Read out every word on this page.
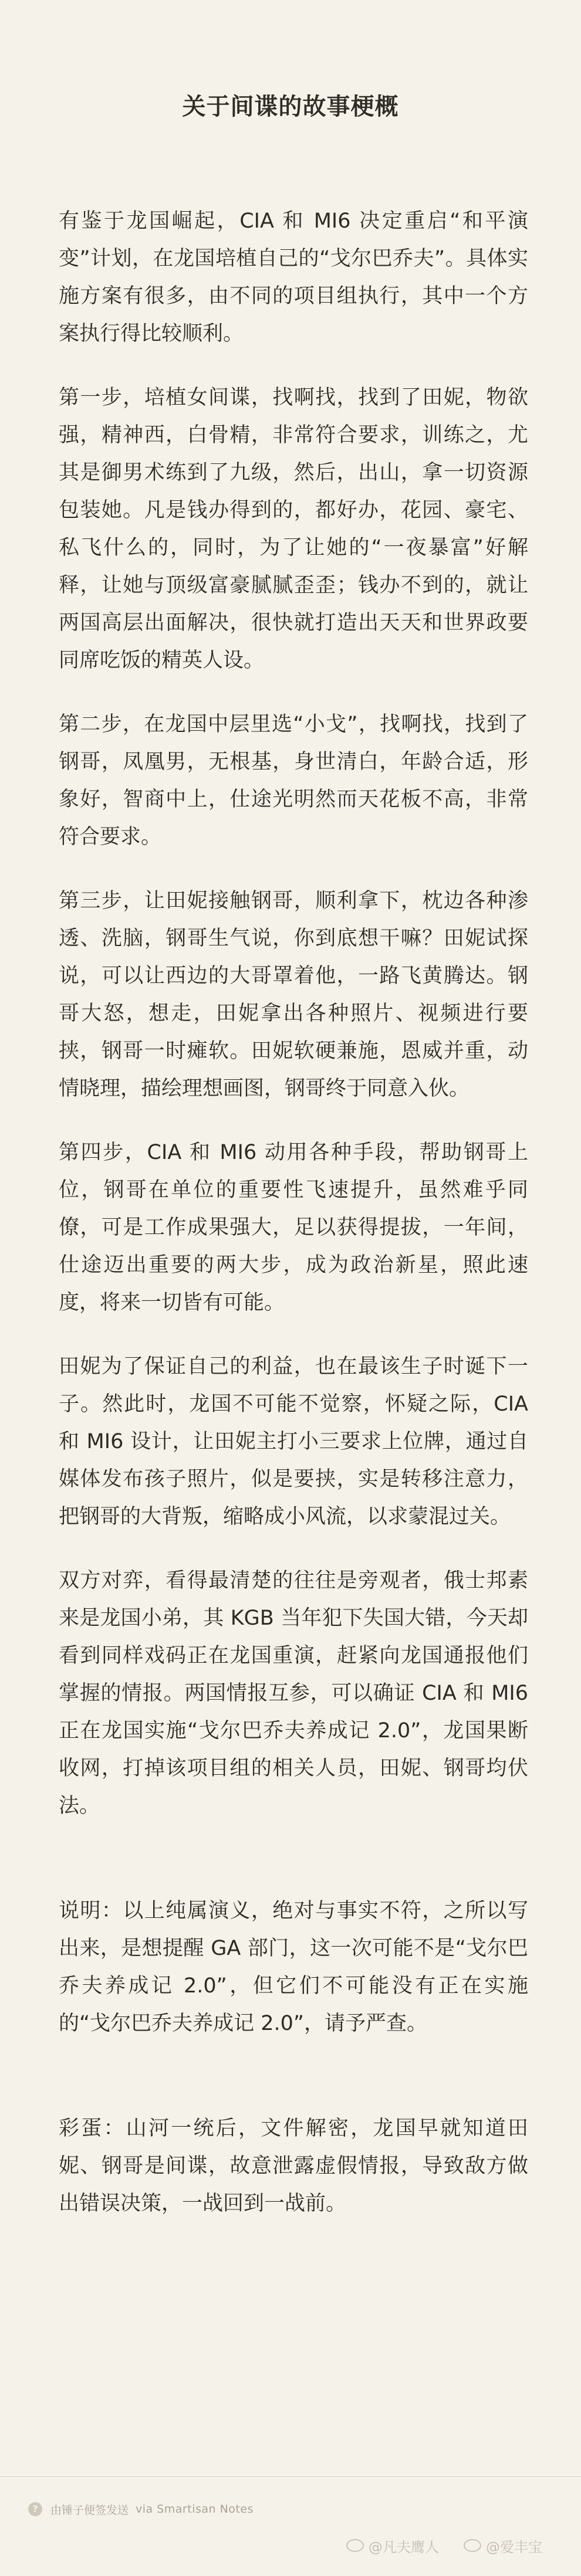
关于间谍的故事梗概

有鉴于龙国崛起，CIA 和 MI6 决定重启“和平演变”计划，在龙国培植自己的“戈尔巴乔夫”。具体实施方案有很多，由不同的项目组执行，其中一个方案执行得比较顺利。

第一步，培植女间谍，找啊找，找到了田妮，物欲强，精神西，白骨精，非常符合要求，训练之，尤其是御男术练到了九级，然后，出山，拿一切资源包装她。凡是钱办得到的，都好办，花园、豪宅、私飞什么的，同时，为了让她的“一夜暴富”好解释，让她与顶级富豪腻腻歪歪；钱办不到的，就让两国高层出面解决，很快就打造出天天和世界政要同席吃饭的精英人设。

第二步，在龙国中层里选“小戈”，找啊找，找到了钢哥，凤凰男，无根基，身世清白，年龄合适，形象好，智商中上，仕途光明然而天花板不高，非常符合要求。

第三步，让田妮接触钢哥，顺利拿下，枕边各种渗透、洗脑，钢哥生气说，你到底想干嘛？田妮试探说，可以让西边的大哥罩着他，一路飞黄腾达。钢哥大怒，想走，田妮拿出各种照片、视频进行要挟，钢哥一时瘫软。田妮软硬兼施，恩威并重，动情晓理，描绘理想画图，钢哥终于同意入伙。

第四步，CIA 和 MI6 动用各种手段，帮助钢哥上位，钢哥在单位的重要性飞速提升，虽然难乎同僚，可是工作成果强大，足以获得提拔，一年间，仕途迈出重要的两大步，成为政治新星，照此速度，将来一切皆有可能。

田妮为了保证自己的利益，也在最该生子时诞下一子。然此时，龙国不可能不觉察，怀疑之际，CIA 和 MI6 设计，让田妮主打小三要求上位牌，通过自媒体发布孩子照片，似是要挟，实是转移注意力，把钢哥的大背叛，缩略成小风流，以求蒙混过关。

双方对弈，看得最清楚的往往是旁观者，俄士邦素来是龙国小弟，其 KGB 当年犯下失国大错，今天却看到同样戏码正在龙国重演，赶紧向龙国通报他们掌握的情报。两国情报互参，可以确证 CIA 和 MI6 正在龙国实施“戈尔巴乔夫养成记 2.0”，龙国果断收网，打掉该项目组的相关人员，田妮、钢哥均伏法。

说明：以上纯属演义，绝对与事实不符，之所以写出来，是想提醒 GA 部门，这一次可能不是“戈尔巴乔夫养成记 2.0”，但它们不可能没有正在实施的“戈尔巴乔夫养成记 2.0”，请予严查。

彩蛋：山河一统后，文件解密，龙国早就知道田妮、钢哥是间谍，故意泄露虚假情报，导致敌方做出错误决策，一战回到一战前。

?	由锤子便签发送 via Smartisan Notes
@凡夫鹰人	@爱丰宝
